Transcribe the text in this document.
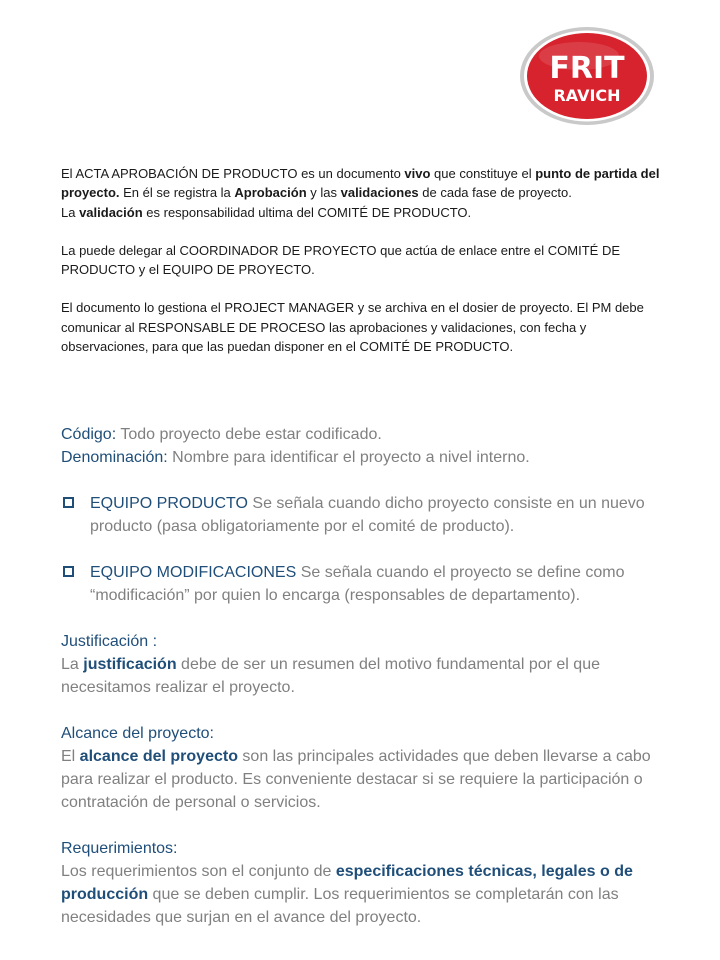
FRIT
RAVICH

El ACTA APROBACIÓN DE PRODUCTO es un documento vivo que constituye el punto de partida del proyecto. En él se registra la Aprobación y las validaciones de cada fase de proyecto.

La validación es responsabilidad ultima del COMITÉ DE PRODUCTO.

La puede delegar al COORDINADOR DE PROYECTO que actúa de enlace entre el COMITÉ DE PRODUCTO y el EQUIPO DE PROYECTO.

El documento lo gestiona el PROJECT MANAGER y se archiva en el dosier de proyecto. El PM debe comunicar al RESPONSABLE DE PROCESO las aprobaciones y validaciones, con fecha y observaciones, para que las puedan disponer en el COMITÉ DE PRODUCTO.

Código: Todo proyecto debe estar codificado.

Denominación: Nombre para identificar el proyecto a nivel interno.

EQUIPO PRODUCTO Se señala cuando dicho proyecto consiste en un nuevo producto (pasa obligatoriamente por el comité de producto).

EQUIPO MODIFICACIONES Se señala cuando el proyecto se define como “modificación” por quien lo encarga (responsables de departamento).

Justificación :

La justificación debe de ser un resumen del motivo fundamental por el que necesitamos realizar el proyecto.

Alcance del proyecto:

El alcance del proyecto son las principales actividades que deben llevarse a cabo para realizar el producto. Es conveniente destacar si se requiere la participación o contratación de personal o servicios.

Requerimientos:

Los requerimientos son el conjunto de especificaciones técnicas, legales o de producción que se deben cumplir. Los requerimientos se completarán con las necesidades que surjan en el avance del proyecto.
